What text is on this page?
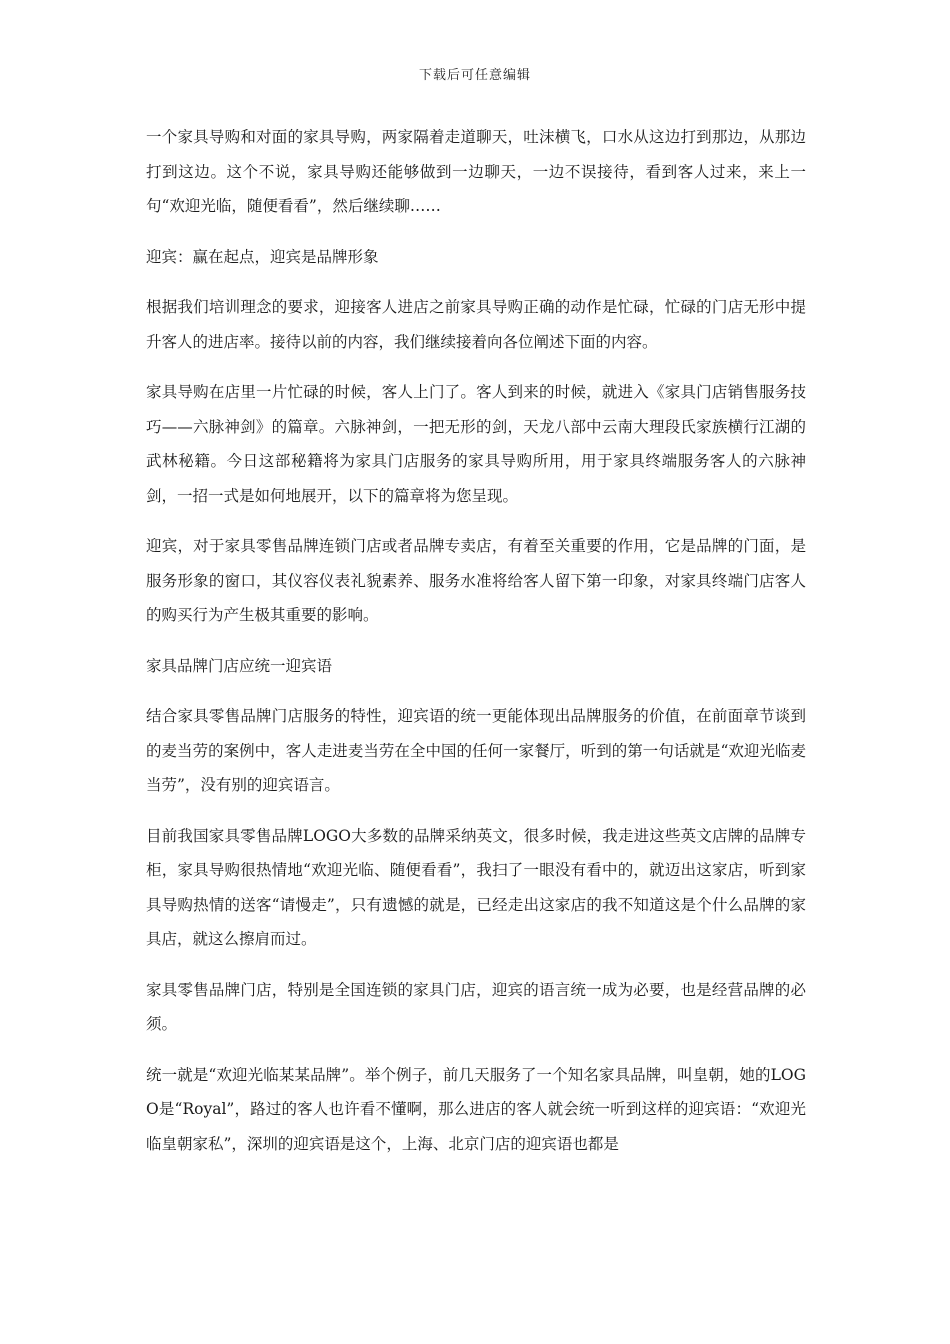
下载后可任意编辑

一个家具导购和对面的家具导购，两家隔着走道聊天，吐沫横飞，口水从这边打到那边，从那边打到这边。这个不说，家具导购还能够做到一边聊天，一边不误接待，看到客人过来，来上一句“欢迎光临，随便看看”，然后继续聊……

迎宾：赢在起点，迎宾是品牌形象

根据我们培训理念的要求，迎接客人进店之前家具导购正确的动作是忙碌，忙碌的门店无形中提升客人的进店率。接待以前的内容，我们继续接着向各位阐述下面的内容。

家具导购在店里一片忙碌的时候，客人上门了。客人到来的时候，就进入《家具门店销售服务技巧——六脉神剑》的篇章。六脉神剑，一把无形的剑，天龙八部中云南大理段氏家族横行江湖的武林秘籍。今日这部秘籍将为家具门店服务的家具导购所用，用于家具终端服务客人的六脉神剑，一招一式是如何地展开，以下的篇章将为您呈现。

迎宾，对于家具零售品牌连锁门店或者品牌专卖店，有着至关重要的作用，它是品牌的门面，是服务形象的窗口，其仪容仪表礼貌素养、服务水准将给客人留下第一印象，对家具终端门店客人的购买行为产生极其重要的影响。

家具品牌门店应统一迎宾语

结合家具零售品牌门店服务的特性，迎宾语的统一更能体现出品牌服务的价值，在前面章节谈到的麦当劳的案例中，客人走进麦当劳在全中国的任何一家餐厅，听到的第一句话就是“欢迎光临麦当劳”，没有别的迎宾语言。

目前我国家具零售品牌LOGO大多数的品牌采纳英文，很多时候，我走进这些英文店牌的品牌专柜，家具导购很热情地“欢迎光临、随便看看”，我扫了一眼没有看中的，就迈出这家店，听到家具导购热情的送客“请慢走”，只有遗憾的就是，已经走出这家店的我不知道这是个什么品牌的家具店，就这么擦肩而过。

家具零售品牌门店，特别是全国连锁的家具门店，迎宾的语言统一成为必要，也是经营品牌的必须。

统一就是“欢迎光临某某品牌”。举个例子，前几天服务了一个知名家具品牌，叫皇朝，她的LOGO是“Royal”，路过的客人也许看不懂啊，那么进店的客人就会统一听到这样的迎宾语：“欢迎光临皇朝家私”，深圳的迎宾语是这个，上海、北京门店的迎宾语也都是
